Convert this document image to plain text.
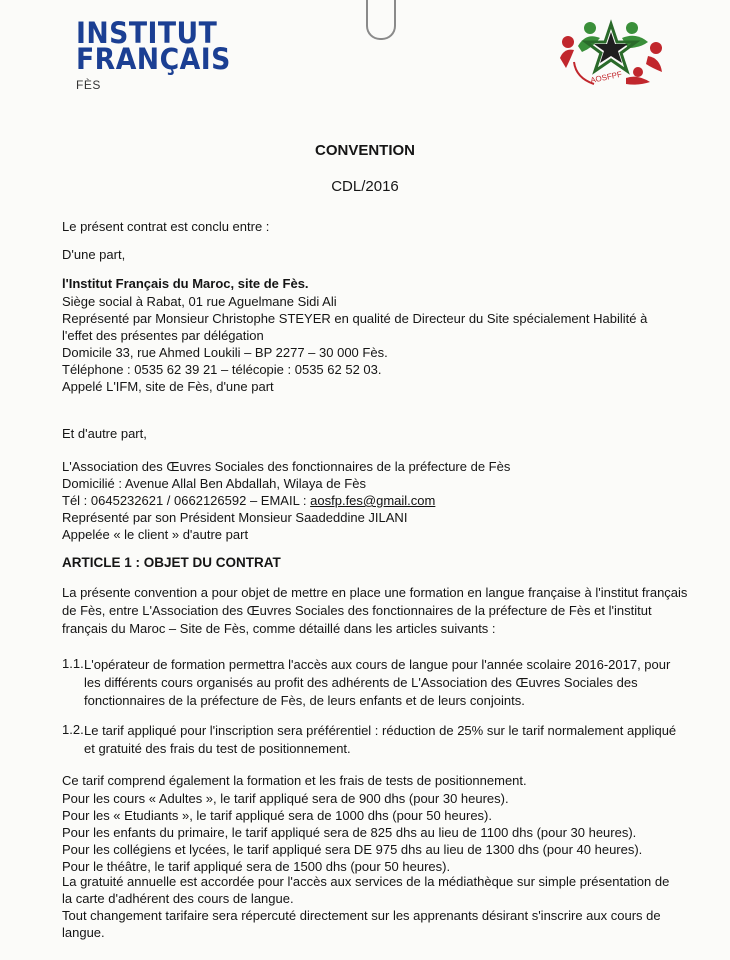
INSTITUT
FRANÇAIS
FÈS	AOSFPF
CONVENTION
CDL/2016
Le présent contrat est conclu entre :
D'une part,
l'Institut Français du Maroc, site de Fès.
Siège social à Rabat, 01 rue Aguelmane Sidi Ali
Représenté par Monsieur Christophe STEYER en qualité de Directeur du Site spécialement Habilité à
l'effet des présentes par délégation
Domicile 33, rue Ahmed Loukili – BP 2277 – 30 000 Fès.
Téléphone : 0535 62 39 21 – télécopie : 0535 62 52 03.
Appelé L'IFM, site de Fès, d'une part
Et d'autre part,
L'Association des Œuvres Sociales des fonctionnaires de la préfecture de Fès
Domicilié : Avenue Allal Ben Abdallah, Wilaya de Fès
Tél : 0645232621 / 0662126592 – EMAIL : aosfp.fes@gmail.com
Représenté par son Président Monsieur Saadeddine JILANI
Appelée « le client » d'autre part
ARTICLE 1 : OBJET DU CONTRAT
La présente convention a pour objet de mettre en place une formation en langue française à l'institut français de Fès, entre L'Association des Œuvres Sociales des fonctionnaires de la préfecture de Fès et l'institut français du Maroc – Site de Fès, comme détaillé dans les articles suivants :
1.1. L'opérateur de formation permettra l'accès aux cours de langue pour l'année scolaire 2016-2017, pour les différents cours organisés au profit des adhérents de L'Association des Œuvres Sociales des fonctionnaires de la préfecture de Fès, de leurs enfants et de leurs conjoints.
1.2. Le tarif appliqué pour l'inscription sera préférentiel : réduction de 25% sur le tarif normalement appliqué et gratuité des frais du test de positionnement.
Ce tarif comprend également la formation et les frais de tests de positionnement.
Pour les cours « Adultes », le tarif appliqué sera de 900 dhs (pour 30 heures).
Pour les « Etudiants », le tarif appliqué sera de 1000 dhs (pour 50 heures).
Pour les enfants du primaire, le tarif appliqué sera de 825 dhs au lieu de 1100 dhs (pour 30 heures).
Pour les collégiens et lycées, le tarif appliqué sera DE 975 dhs au lieu de 1300 dhs (pour 40 heures).
Pour le théâtre, le tarif appliqué sera de 1500 dhs (pour 50 heures).
La gratuité annuelle est accordée pour l'accès aux services de la médiathèque sur simple présentation de la carte d'adhérent des cours de langue.
Tout changement tarifaire sera répercuté directement sur les apprenants désirant s'inscrire aux cours de langue.
